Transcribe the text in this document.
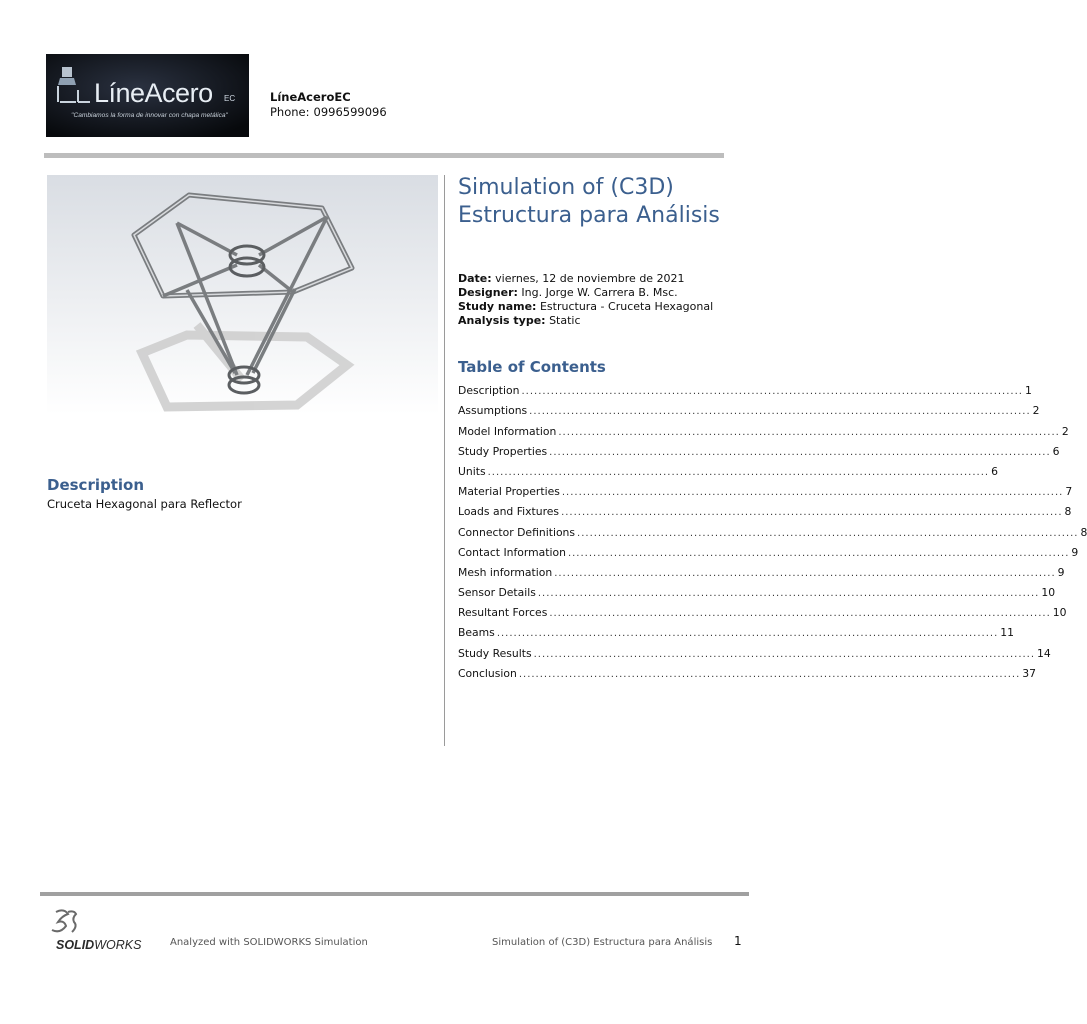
LíneAcero EC
"Cambiamos la forma de innovar con chapa metálica"
LíneAceroEC
Phone: 0996599096
Description
Cruceta Hexagonal para Reflector
Simulation of (C3D) Estructura para Análisis
Date: viernes, 12 de noviembre de 2021
Designer: Ing. Jorge W. Carrera B. Msc.
Study name: Estructura - Cruceta Hexagonal
Analysis type: Static
Table of Contents
Description ........................................................................................................................ 1
Assumptions ........................................................................................................................ 2
Model Information ........................................................................................................................ 2
Study Properties ........................................................................................................................ 6
Units ........................................................................................................................ 6
Material Properties ........................................................................................................................ 7
Loads and Fixtures ........................................................................................................................ 8
Connector Definitions ........................................................................................................................ 8
Contact Information ........................................................................................................................ 9
Mesh information ........................................................................................................................ 9
Sensor Details ........................................................................................................................ 10
Resultant Forces ........................................................................................................................ 10
Beams ........................................................................................................................ 11
Study Results ........................................................................................................................ 14
Conclusion ........................................................................................................................ 37
SOLIDWORKS	Analyzed with SOLIDWORKS Simulation	Simulation of (C3D) Estructura para Análisis 1
